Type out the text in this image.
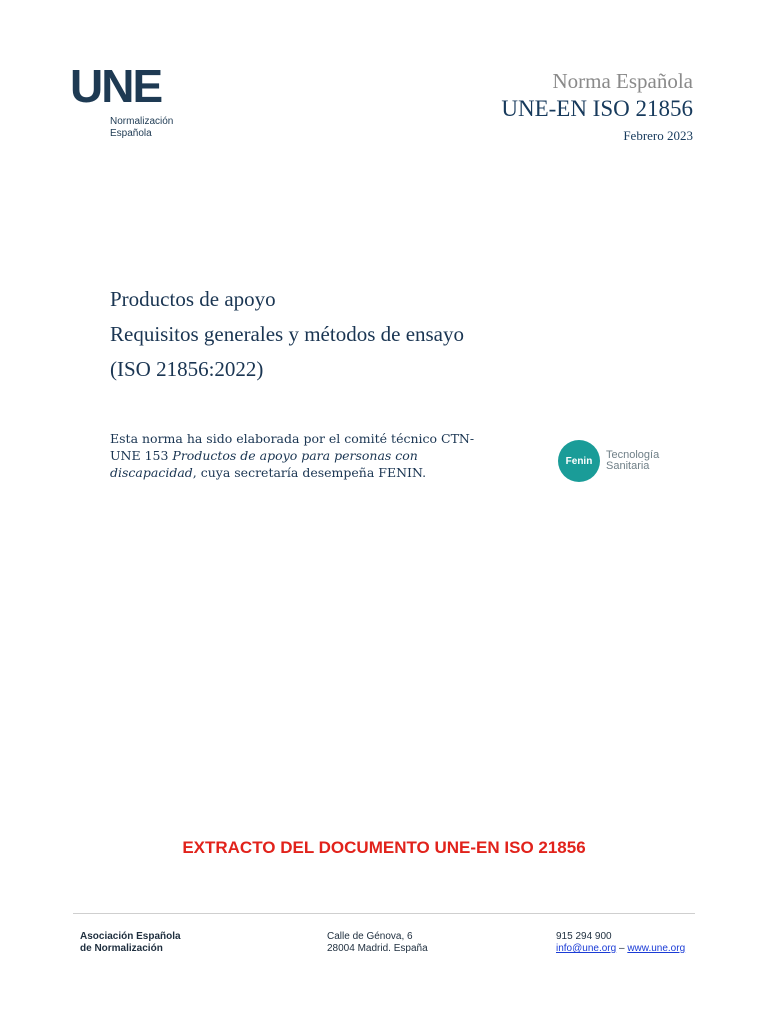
UNE
Normalización
Española
Norma Española
UNE-EN ISO 21856
Febrero 2023
Productos de apoyo
Requisitos generales y métodos de ensayo
(ISO 21856:2022)
Esta norma ha sido elaborada por el comité técnico CTN-UNE 153 Productos de apoyo para personas con discapacidad, cuya secretaría desempeña FENIN.
Fenin	Tecnología
Sanitaria
EXTRACTO DEL DOCUMENTO UNE-EN ISO 21856
Asociación Española
de Normalización
Calle de Génova, 6
28004 Madrid. España
915 294 900
info@une.org – www.une.org
